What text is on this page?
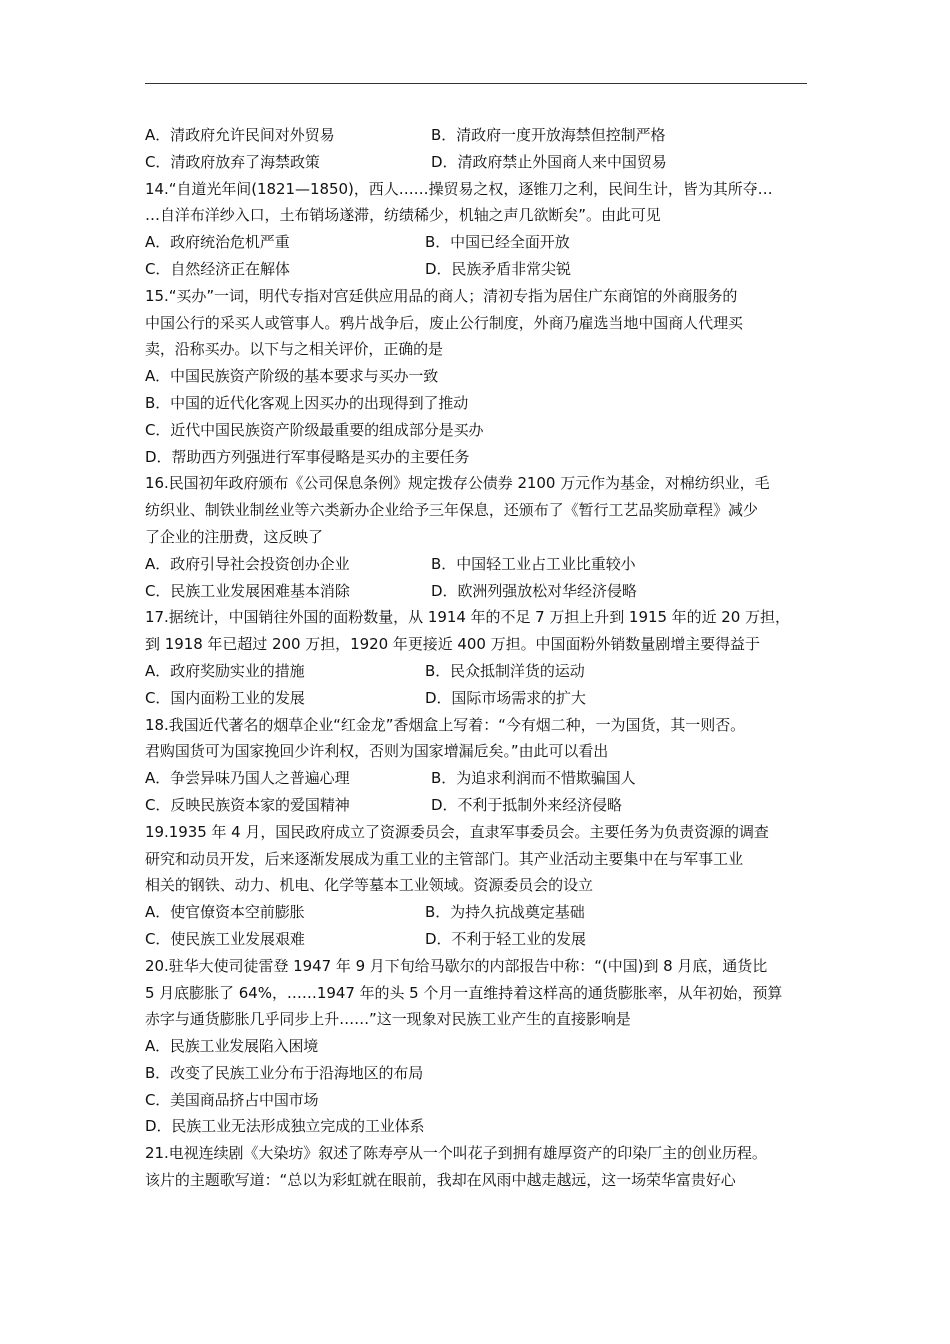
A．清政府允许民间对外贸易	B．清政府一度开放海禁但控制严格
C．清政府放弃了海禁政策	D．清政府禁止外国商人来中国贸易
14.“自道光年间(1821—1850)，西人……操贸易之权，逐锥刀之利，民间生计，皆为其所夺…
…自洋布洋纱入口，土布销场遂滞，纺绩稀少，机轴之声几欲断矣”。由此可见
A．政府统治危机严重	B．中国已经全面开放
C．自然经济正在解体	D．民族矛盾非常尖锐
15.“买办”一词，明代专指对宫廷供应用品的商人；清初专指为居住广东商馆的外商服务的
中国公行的采买人或管事人。鸦片战争后，废止公行制度，外商乃雇选当地中国商人代理买
卖，沿称买办。以下与之相关评价，正确的是
A．中国民族资产阶级的基本要求与买办一致
B．中国的近代化客观上因买办的出现得到了推动
C．近代中国民族资产阶级最重要的组成部分是买办
D．帮助西方列强进行军事侵略是买办的主要任务
16.民国初年政府颁布《公司保息条例》规定拨存公债券 2100 万元作为基金，对棉纺织业，毛
纺织业、制铁业制丝业等六类新办企业给予三年保息，还颁布了《暂行工艺品奖励章程》减少
了企业的注册费，这反映了
A．政府引导社会投资创办企业	B．中国轻工业占工业比重较小
C．民族工业发展困难基本消除	D．欧洲列强放松对华经济侵略
17.据统计，中国销往外国的面粉数量，从 1914 年的不足 7 万担上升到 1915 年的近 20 万担，
到 1918 年已超过 200 万担，1920 年更接近 400 万担。中国面粉外销数量剧增主要得益于
A．政府奖励实业的措施	B．民众抵制洋货的运动
C．国内面粉工业的发展	D．国际市场需求的扩大
18.我国近代著名的烟草企业“红金龙”香烟盒上写着：“今有烟二种，一为国货，其一则否。
君购国货可为国家挽回少许利权，否则为国家增漏卮矣。”由此可以看出
A．争尝异味乃国人之普遍心理	B．为追求利润而不惜欺骗国人
C．反映民族资本家的爱国精神	D．不利于抵制外来经济侵略
19.1935 年 4 月，国民政府成立了资源委员会，直隶军事委员会。主要任务为负责资源的调查
研究和动员开发，后来逐渐发展成为重工业的主管部门。其产业活动主要集中在与军事工业
相关的钢铁、动力、机电、化学等墓本工业领域。资源委员会的设立
A．使官僚资本空前膨胀	B．为持久抗战奠定基础
C．使民族工业发展艰难	D．不利于轻工业的发展
20.驻华大使司徒雷登 1947 年 9 月下旬给马歇尔的内部报告中称：“(中国)到 8 月底，通货比
5 月底膨胀了 64%，……1947 年的头 5 个月一直维持着这样高的通货膨胀率，从年初始，预算
赤字与通货膨胀几乎同步上升……”这一现象对民族工业产生的直接影响是
A．民族工业发展陷入困境
B．改变了民族工业分布于沿海地区的布局
C．美国商品挤占中国市场
D．民族工业无法形成独立完成的工业体系
21.电视连续剧《大染坊》叙述了陈寿亭从一个叫花子到拥有雄厚资产的印染厂主的创业历程。
该片的主题歌写道：“总以为彩虹就在眼前，我却在风雨中越走越远，这一场荣华富贵好心
